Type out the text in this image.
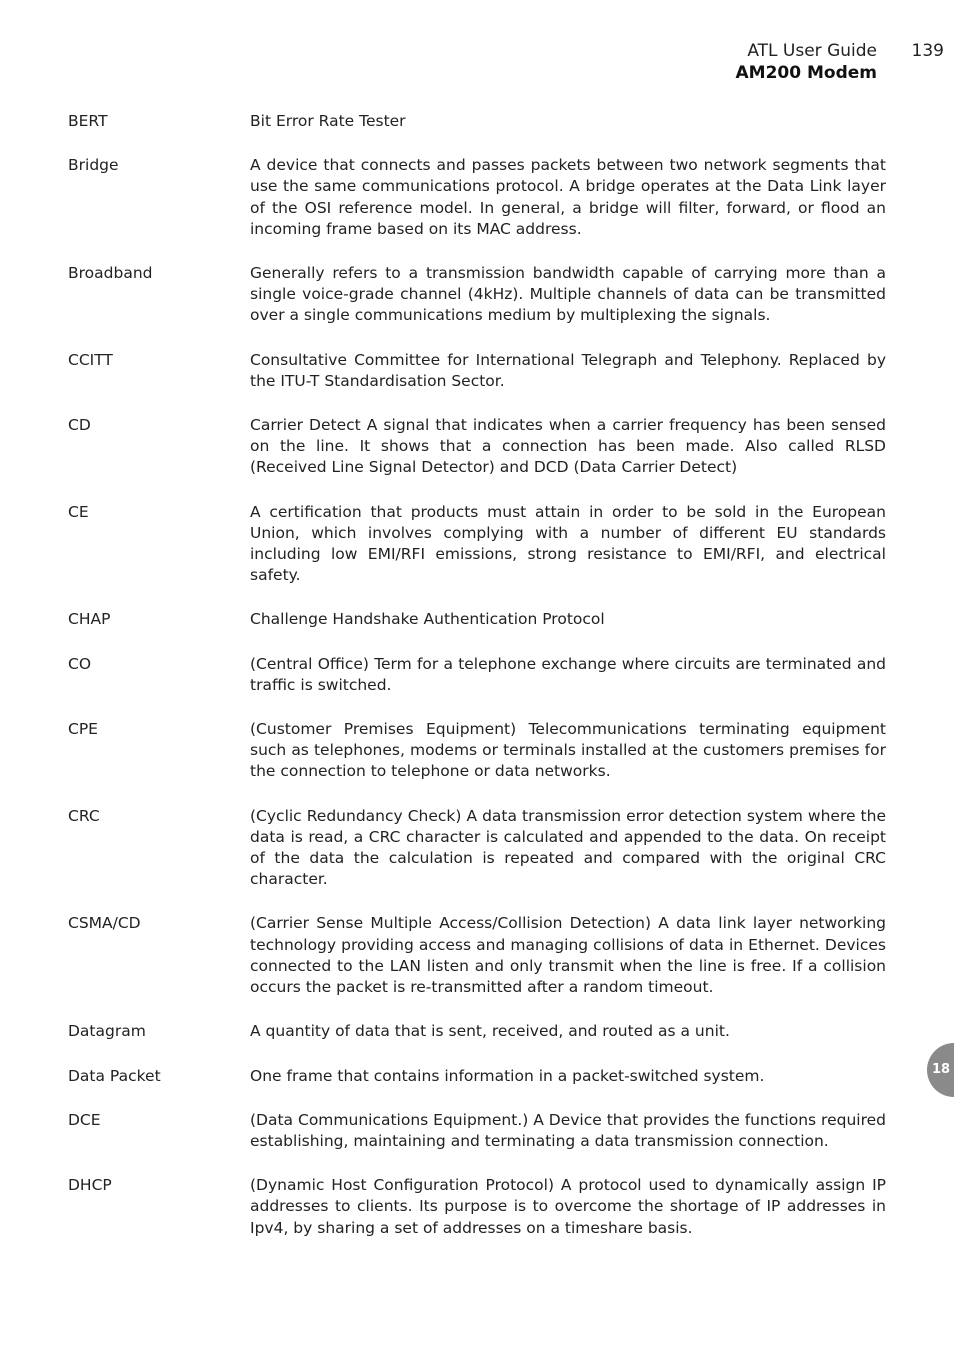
ATL User Guide
AM200 Modem
139
BERT	Bit Error Rate Tester
Bridge	A device that connects and passes packets between two network segments that use the same communications protocol. A bridge operates at the Data Link layer of the OSI reference model. In general, a bridge will filter, forward, or flood an incoming frame based on its MAC address.
Broadband	Generally refers to a transmission bandwidth capable of carrying more than a single voice-grade channel (4kHz). Multiple channels of data can be transmitted over a single communications medium by multiplexing the signals.
CCITT	Consultative Committee for International Telegraph and Telephony. Replaced by the ITU-T Standardisation Sector.
CD	Carrier Detect A signal that indicates when a carrier frequency has been sensed on the line. It shows that a connection has been made. Also called RLSD (Received Line Signal Detector) and DCD (Data Carrier Detect)
CE	A certification that products must attain in order to be sold in the European Union, which involves complying with a number of different EU standards including low EMI/RFI emissions, strong resistance to EMI/RFI, and electrical safety.
CHAP	Challenge Handshake Authentication Protocol
CO	(Central Office) Term for a telephone exchange where circuits are terminated and traffic is switched.
CPE	(Customer Premises Equipment) Telecommunications terminating equipment such as telephones, modems or terminals installed at the customers premises for the connection to telephone or data networks.
CRC	(Cyclic Redundancy Check) A data transmission error detection system where the data is read, a CRC character is calculated and appended to the data. On receipt of the data the calculation is repeated and compared with the original CRC character.
CSMA/CD	(Carrier Sense Multiple Access/Collision Detection) A data link layer networking technology providing access and managing collisions of data in Ethernet. Devices connected to the LAN listen and only transmit when the line is free. If a collision occurs the packet is re-transmitted after a random timeout.
Datagram	A quantity of data that is sent, received, and routed as a unit.
Data Packet	One frame that contains information in a packet-switched system.
DCE	(Data Communications Equipment.) A Device that provides the functions required establishing, maintaining and terminating a data transmission connection.
DHCP	(Dynamic Host Configuration Protocol) A protocol used to dynamically assign IP addresses to clients. Its purpose is to overcome the shortage of IP addresses in Ipv4, by sharing a set of addresses on a timeshare basis.
18
